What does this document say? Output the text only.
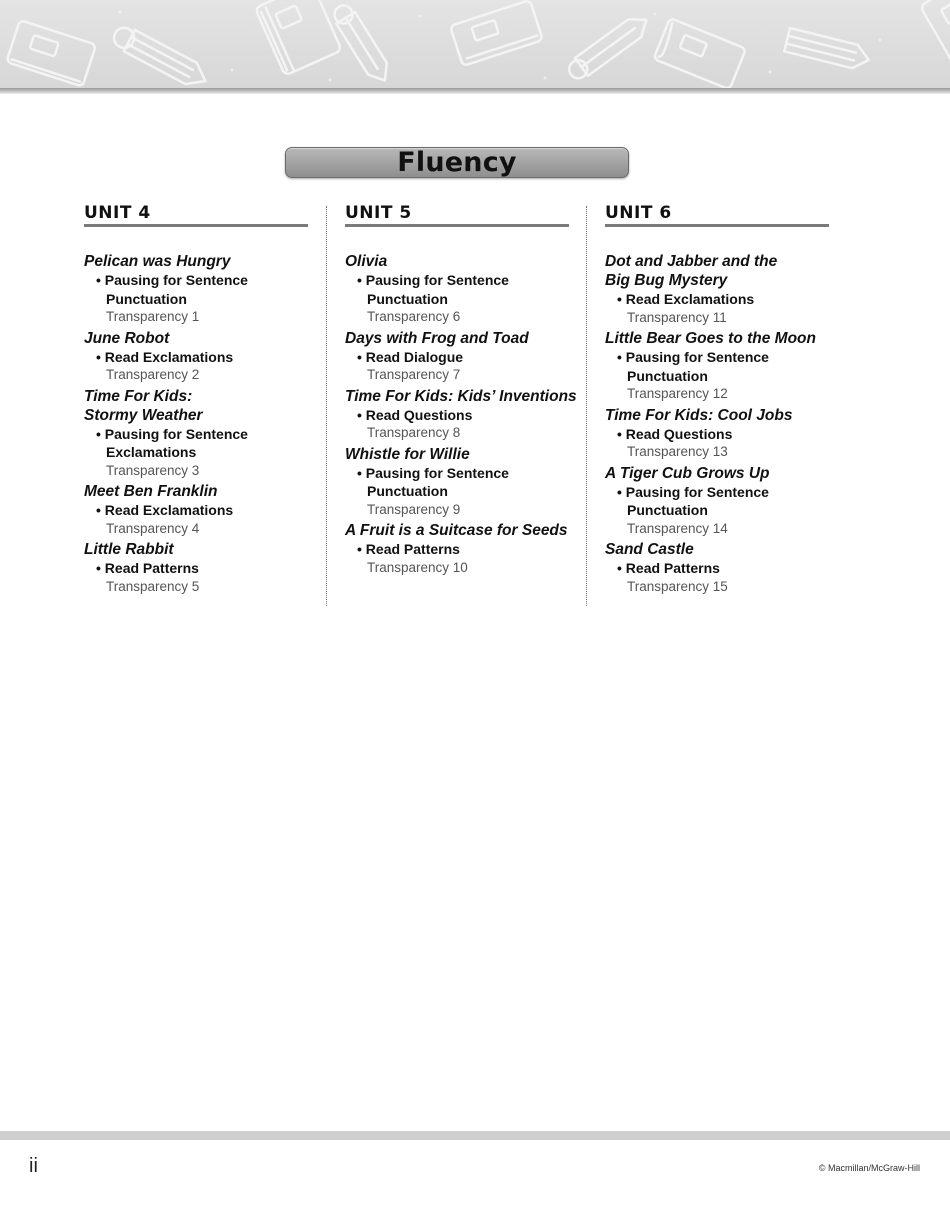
Fluency
UNIT 4
Pelican was Hungry
• Pausing for Sentence Punctuation
Transparency 1
June Robot
• Read Exclamations
Transparency 2
Time For Kids: Stormy Weather
• Pausing for Sentence Exclamations
Transparency 3
Meet Ben Franklin
• Read Exclamations
Transparency 4
Little Rabbit
• Read Patterns
Transparency 5
UNIT 5
Olivia
• Pausing for Sentence Punctuation
Transparency 6
Days with Frog and Toad
• Read Dialogue
Transparency 7
Time For Kids: Kids’ Inventions
• Read Questions
Transparency 8
Whistle for Willie
• Pausing for Sentence Punctuation
Transparency 9
A Fruit is a Suitcase for Seeds
• Read Patterns
Transparency 10
UNIT 6
Dot and Jabber and the Big Bug Mystery
• Read Exclamations
Transparency 11
Little Bear Goes to the Moon
• Pausing for Sentence Punctuation
Transparency 12
Time For Kids: Cool Jobs
• Read Questions
Transparency 13
A Tiger Cub Grows Up
• Pausing for Sentence Punctuation
Transparency 14
Sand Castle
• Read Patterns
Transparency 15
ii	© Macmillan/McGraw-Hill
